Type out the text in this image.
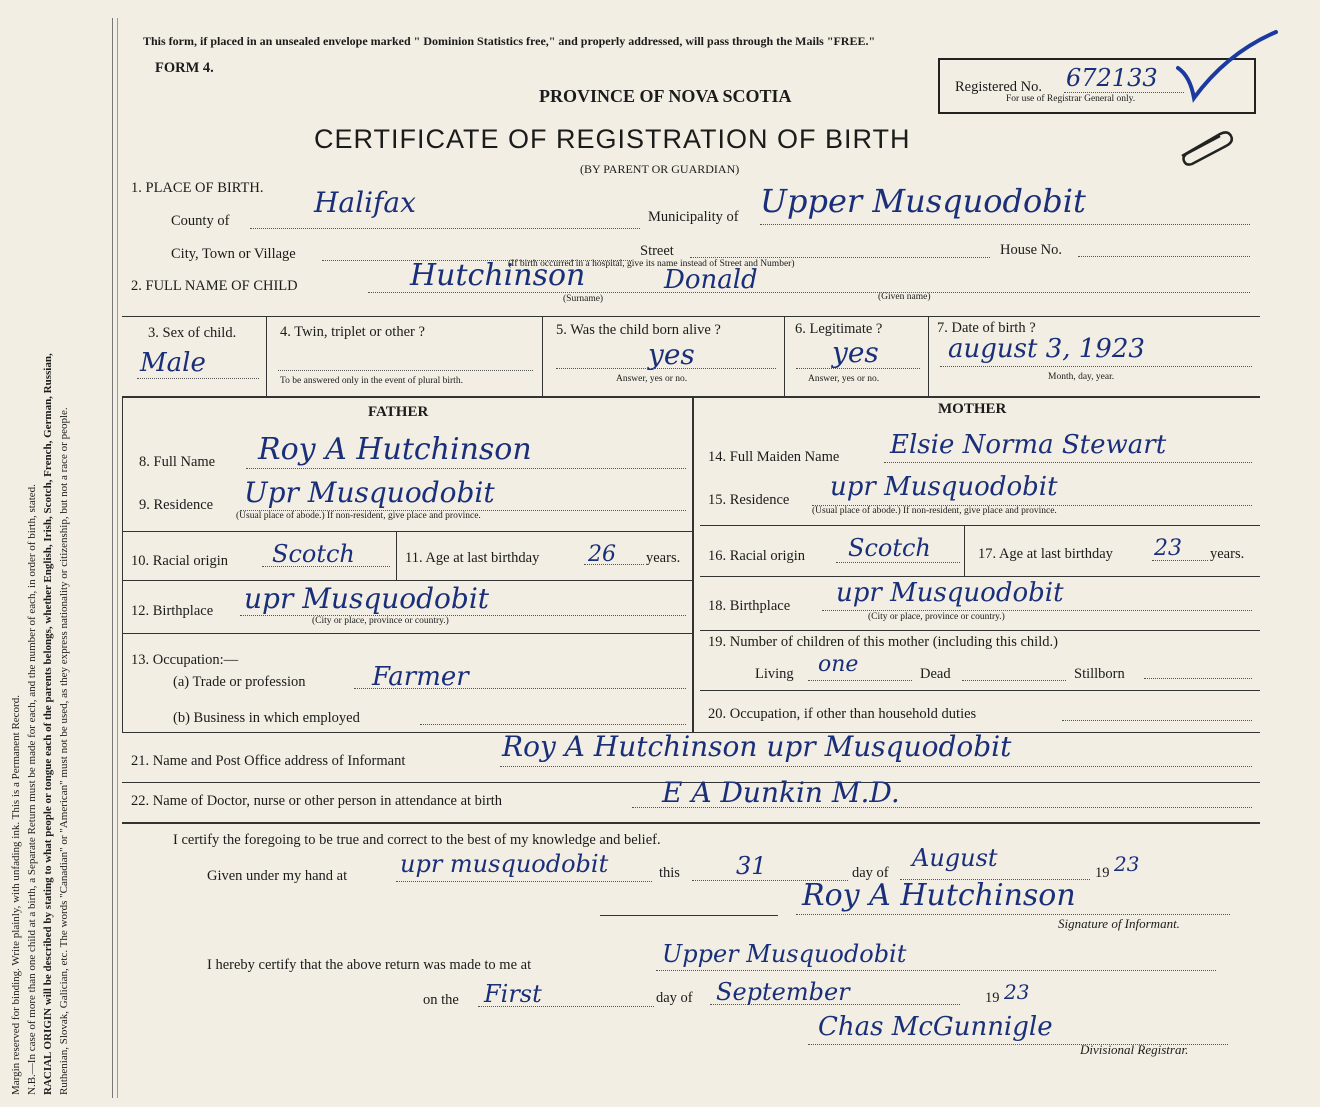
Margin reserved for binding. Write plainly, with unfading ink. This is a Permanent Record. N.B.—In case of more than one child at a birth, a Separate Return must be made for each, and the number of each, in order of birth, stated. RACIAL ORIGIN will be described by stating to what people or tongue each of the parents belongs, whether English, Irish, Scotch, French, German, Russian, Ruthenian, Slovak, Galician, etc. The words "Canadian" or "American" must not be used, as they express nationality or citizenship, but not a race or people.
This form, if placed in an unsealed envelope marked " Dominion Statistics free," and properly addressed, will pass through the Mails "FREE."
FORM 4.
PROVINCE OF NOVA SCOTIA
CERTIFICATE OF REGISTRATION OF BIRTH
(BY PARENT OR GUARDIAN)
Registered No. 672133
For use of Registrar General only.
1. PLACE OF BIRTH. Halifax
County of	Municipality of Upper Musquodobit
City, Town or Village	Street	House No.
(If birth occurred in a hospital, give its name instead of Street and Number)
2. FULL NAME OF CHILD	Hutchinson	Donald
(Surname)	(Given name)
3. Sex of child.
Male
4. Twin, triplet or other ?
To be answered only in the event of plural birth.
5. Was the child born alive ?
yes
Answer, yes or no.
6. Legitimate ?
yes
Answer, yes or no.
7. Date of birth ?
august 3, 1923
Month, day, year.
FATHER
8. Full Name Roy A Hutchinson
9. Residence Upr Musquodobit
(Usual place of abode.) If non-resident, give place and province.
10. Racial origin Scotch	11. Age at last birthday 26 years.
12. Birthplace upr Musquodobit
(City or place, province or country.)
13. Occupation:—
(a) Trade or profession	Farmer
(b) Business in which employed
MOTHER
14. Full Maiden Name Elsie Norma Stewart
15. Residence upr Musquodobit
(Usual place of abode.) If non-resident, give place and province.
16. Racial origin Scotch	17. Age at last birthday 23 years.
18. Birthplace upr Musquodobit
(City or place, province or country.)
19. Number of children of this mother (including this child.)
Living one	Dead	Stillborn
20. Occupation, if other than household duties
21. Name and Post Office address of Informant	Roy A Hutchinson upr Musquodobit
22. Name of Doctor, nurse or other person in attendance at birth	E A Dunkin M.D.
I certify the foregoing to be true and correct to the best of my knowledge and belief.
Given under my hand at upr musquodobit	this 31	day of
August
19 23
Roy A Hutchinson
Signature of Informant.
I hereby certify that the above return was made to me at	Upper Musquodobit
on the First	day of September	19 23
Chas McGunnigle
Divisional Registrar.
